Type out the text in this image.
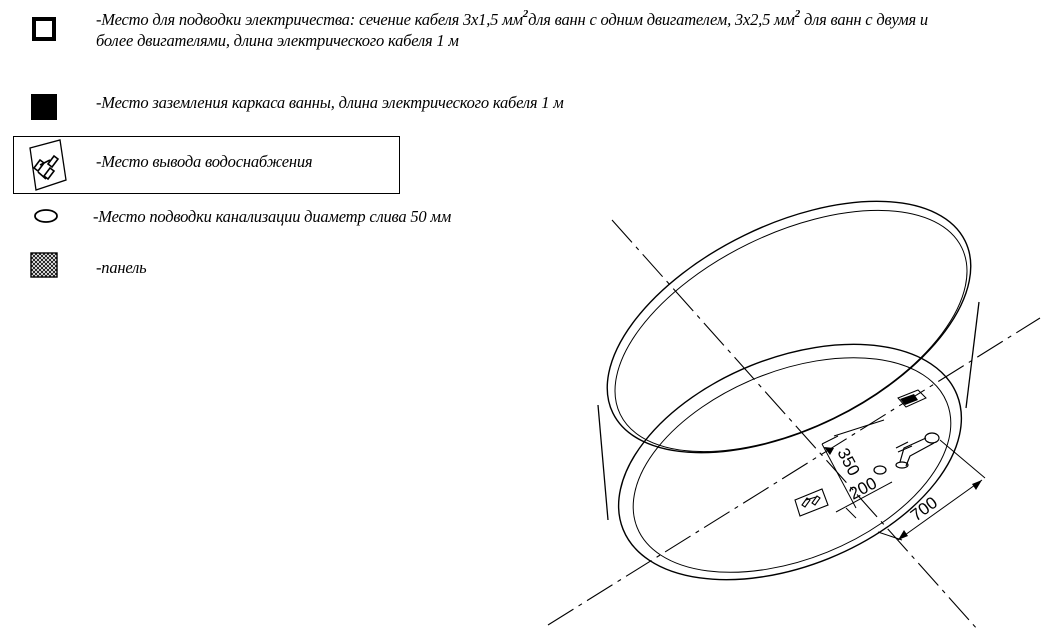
-Место для подводки электричества: сечение кабеля 3х1,5 $мм^2для$ ванн с одним двигателем, 3х2,5 $мм^2$ для ванн с двумя и
более двигателями, длина электрического кабеля 1 м
-Место заземления каркаса ванны, длина электрического кабеля 1 м
-Место вывода водоснабжения
-Место подводки канализации диаметр слива 50 мм
-панель
350
200
700
